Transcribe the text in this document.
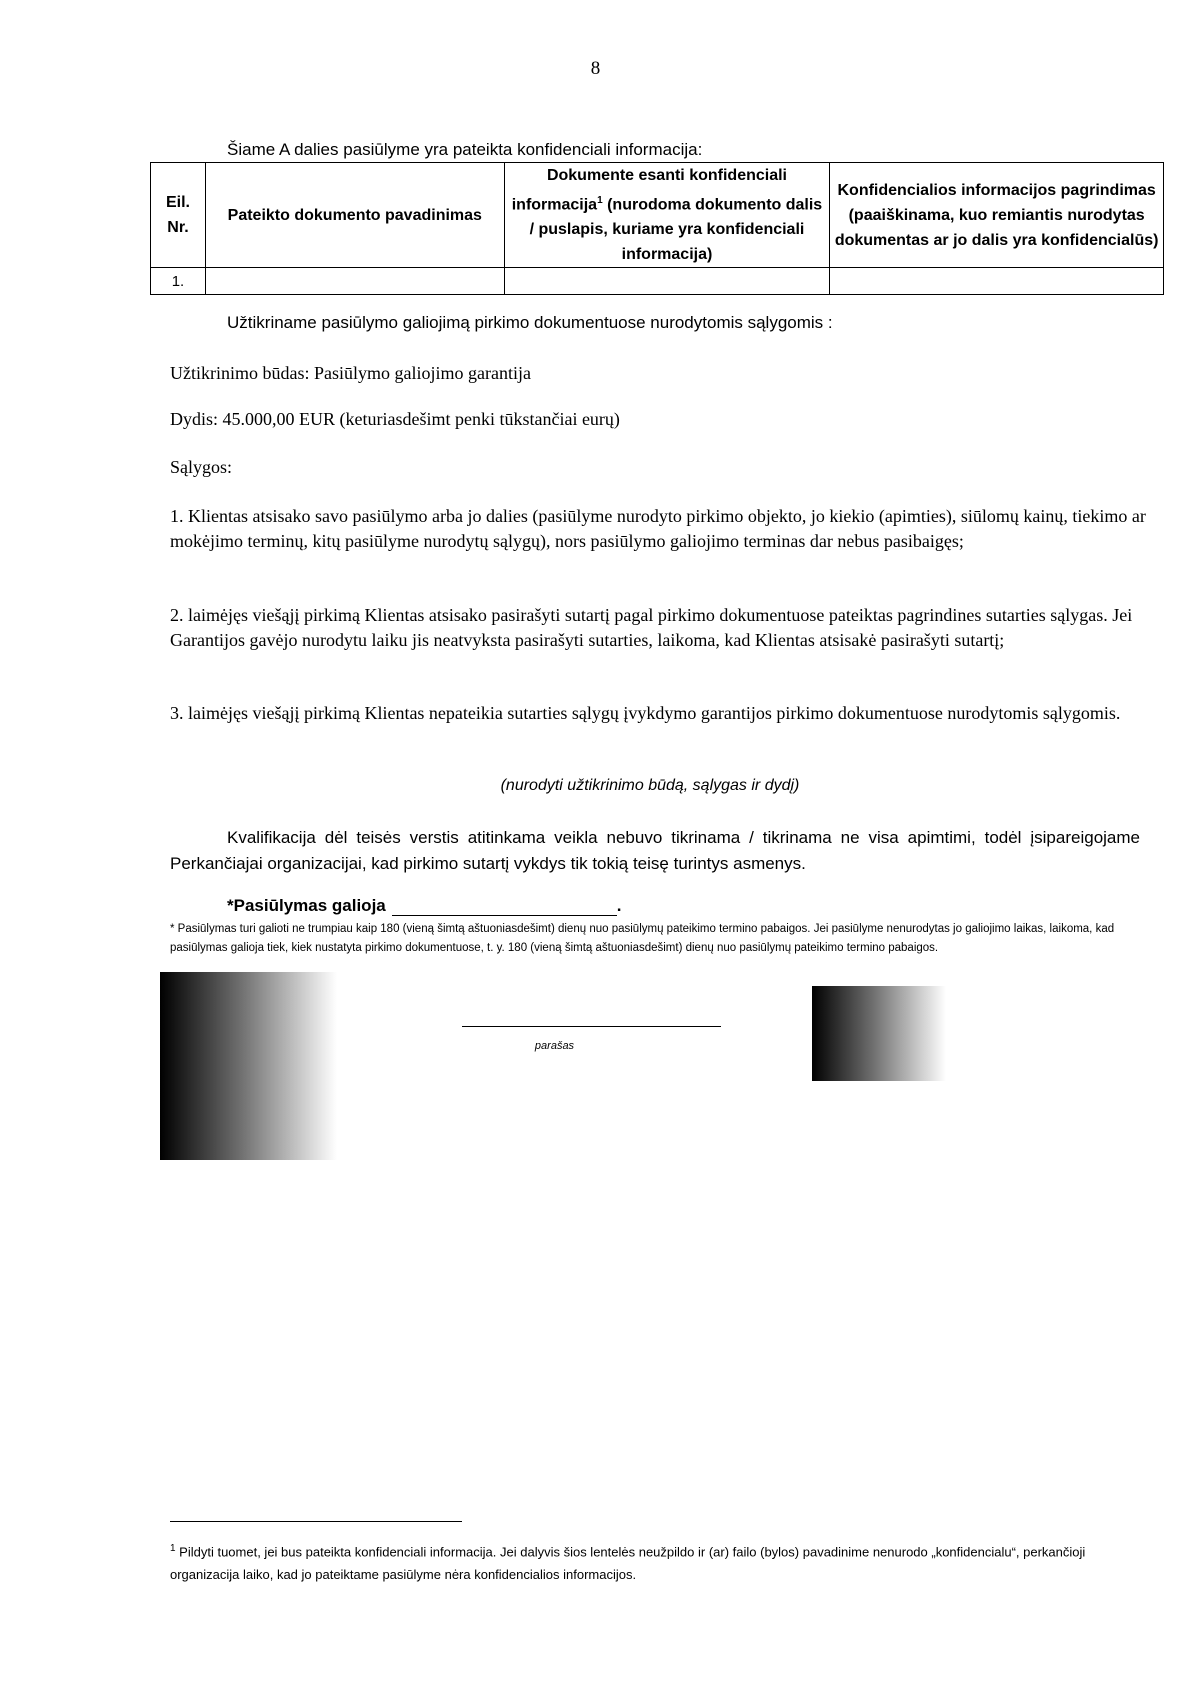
8
Šiame A dalies pasiūlyme yra pateikta konfidenciali informacija:
Eil. Nr.	Pateikto dokumento pavadinimas	Dokumente esanti konfidenciali informacija$^1$ (nurodoma dokumento dalis / puslapis, kuriame yra konfidenciali informacija)	Konfidencialios informacijos pagrindimas (paaiškinama, kuo remiantis nurodytas dokumentas ar jo dalis yra konfidencialūs)
1.			
Užtikriname pasiūlymo galiojimą pirkimo dokumentuose nurodytomis sąlygomis :
Užtikrinimo būdas: Pasiūlymo galiojimo garantija
Dydis: 45.000,00 EUR (keturiasdešimt penki tūkstančiai eurų)
Sąlygos:
1. Klientas atsisako savo pasiūlymo arba jo dalies (pasiūlyme nurodyto pirkimo objekto, jo kiekio (apimties), siūlomų kainų, tiekimo ar mokėjimo terminų, kitų pasiūlyme nurodytų sąlygų), nors pasiūlymo galiojimo terminas dar nebus pasibaigęs;
2. laimėjęs viešąjį pirkimą Klientas atsisako pasirašyti sutartį pagal pirkimo dokumentuose pateiktas pagrindines sutarties sąlygas. Jei Garantijos gavėjo nurodytu laiku jis neatvyksta pasirašyti sutarties, laikoma, kad Klientas atsisakė pasirašyti sutartį;
3. laimėjęs viešąjį pirkimą Klientas nepateikia sutarties sąlygų įvykdymo garantijos pirkimo dokumentuose nurodytomis sąlygomis.
(nurodyti užtikrinimo būdą, sąlygas ir dydį)
Kvalifikacija dėl teisės verstis atitinkama veikla nebuvo tikrinama / tikrinama ne visa apimtimi, todėl įsipareigojame Perkančiajai organizacijai, kad pirkimo sutartį vykdys tik tokią teisę turintys asmenys.
*Pasiūlymas galioja	.
* Pasiūlymas turi galioti ne trumpiau kaip 180 (vieną šimtą aštuoniasdešimt) dienų nuo pasiūlymų pateikimo termino pabaigos. Jei pasiūlyme nenurodytas jo galiojimo laikas, laikoma, kad pasiūlymas galioja tiek, kiek nustatyta pirkimo dokumentuose, t. y. 180 (vieną šimtą aštuoniasdešimt) dienų nuo pasiūlymų pateikimo termino pabaigos.
parašas
$^1$ Pildyti tuomet, jei bus pateikta konfidenciali informacija. Jei dalyvis šios lentelės neužpildo ir (ar) failo (bylos) pavadinime nenurodo „konfidencialu“, perkančioji organizacija laiko, kad jo pateiktame pasiūlyme nėra konfidencialios informacijos.
